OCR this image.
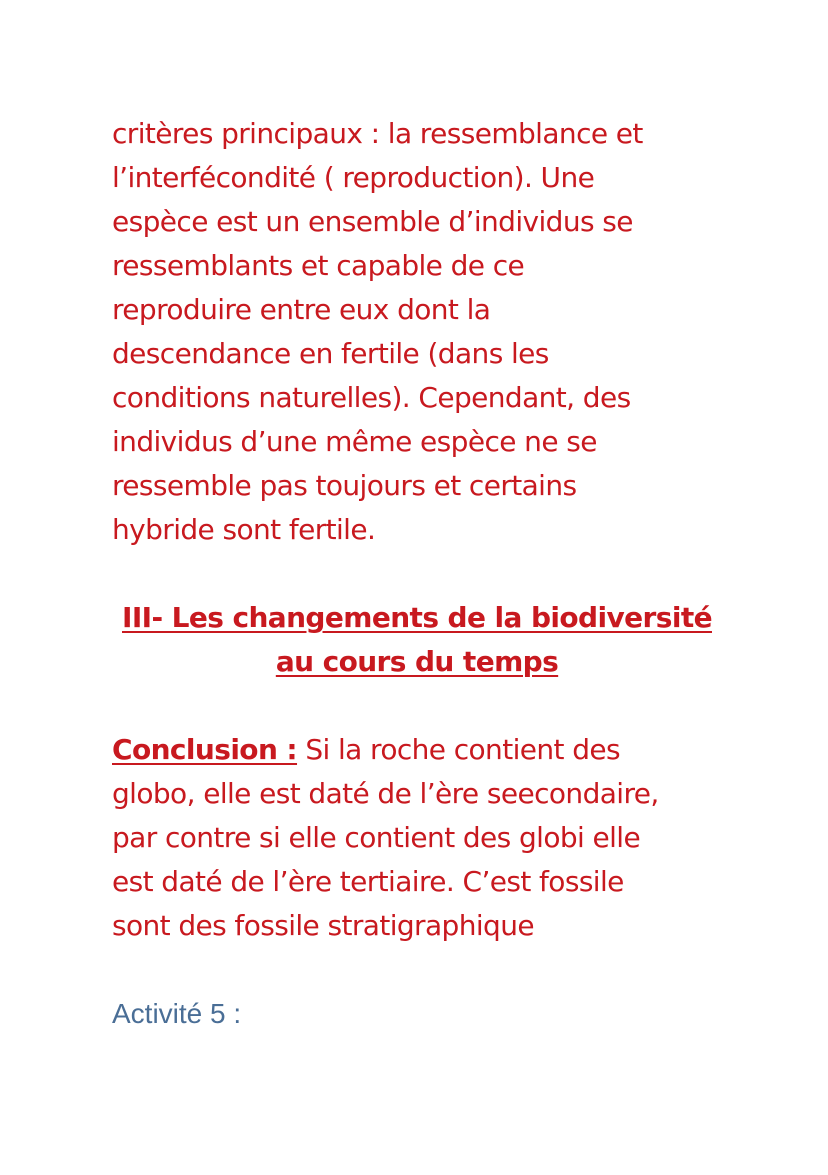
critères principaux : la ressemblance et
l’interfécondité ( reproduction). Une
espèce est un ensemble d’individus se
ressemblants et capable de ce
reproduire entre eux dont la
descendance en fertile (dans les
conditions naturelles). Cependant, des
individus d’une même espèce ne se
ressemble pas toujours et certains
hybride sont fertile.

III- Les changements de la biodiversité
au cours du temps

Conclusion : Si la roche contient des
globo, elle est daté de l’ère seecondaire,
par contre si elle contient des globi elle
est daté de l’ère tertiaire. C’est fossile
sont des fossile stratigraphique

Activité 5 :
